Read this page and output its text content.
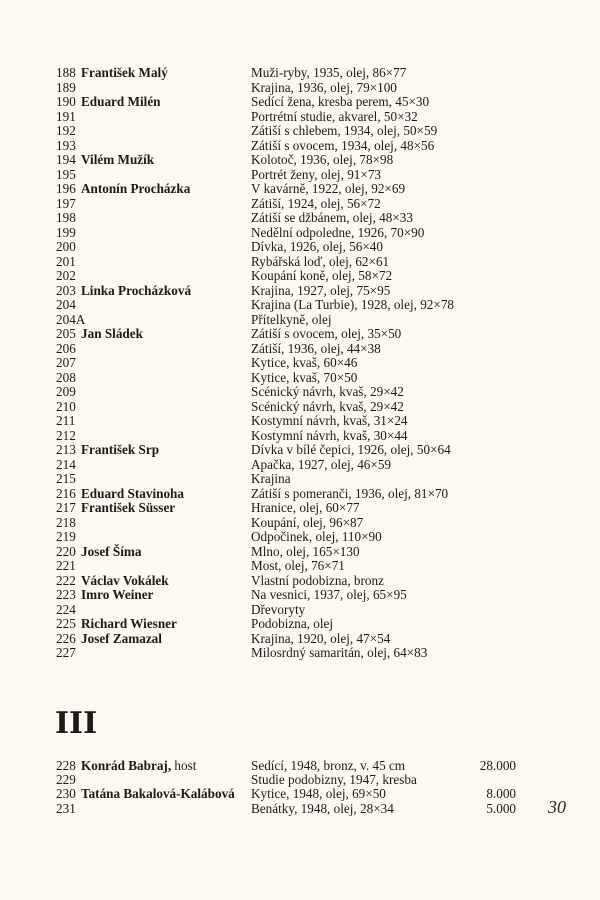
188 František Malý	Muži-ryby, 1935, olej, 86×77
189	Krajina, 1936, olej, 79×100
190 Eduard Milén	Sedící žena, kresba perem, 45×30
191	Portrétní studie, akvarel, 50×32
192	Zátiší s chlebem, 1934, olej, 50×59
193	Zátiší s ovocem, 1934, olej, 48×56
194 Vilém Mužík	Kolotoč, 1936, olej, 78×98
195	Portrét ženy, olej, 91×73
196 Antonín Procházka	V kavárně, 1922, olej, 92×69
197	Zátiší, 1924, olej, 56×72
198	Zátiší se džbánem, olej, 48×33
199	Nedělní odpoledne, 1926, 70×90
200	Dívka, 1926, olej, 56×40
201	Rybářská loď, olej, 62×61
202	Koupání koně, olej, 58×72
203 Linka Procházková	Krajina, 1927, olej, 75×95
204	Krajina (La Turbie), 1928, olej, 92×78
204A	Přítelkyně, olej
205 Jan Sládek	Zátiší s ovocem, olej, 35×50
206	Zátiší, 1936, olej, 44×38
207	Kytice, kvaš, 60×46
208	Kytice, kvaš, 70×50
209	Scénický návrh, kvaš, 29×42
210	Scénický návrh, kvaš, 29×42
211	Kostymní návrh, kvaš, 31×24
212	Kostymní návrh, kvaš, 30×44
213 František Srp	Dívka v bílé čepici, 1926, olej, 50×64
214	Apačka, 1927, olej, 46×59
215	Krajina
216 Eduard Stavinoha	Zátiší s pomeranči, 1936, olej, 81×70
217 František Süsser	Hranice, olej, 60×77
218	Koupání, olej, 96×87
219	Odpočinek, olej, 110×90
220 Josef Šíma	Mlno, olej, 165×130
221	Most, olej, 76×71
222 Václav Vokálek	Vlastní podobizna, bronz
223 Imro Weiner	Na vesnici, 1937, olej, 65×95
224	Dřevoryty
225 Richard Wiesner	Podobizna, olej
226 Josef Zamazal	Krajina, 1920, olej, 47×54
227	Milosrdný samaritán, olej, 64×83
III
228 Konrád Babraj, host	Sedící, 1948, bronz, v. 45 cm	28.000
229	Studie podobizny, 1947, kresba
230 Tatána Bakalová-Kalábová	Kytice, 1948, olej, 69×50	8.000
231	Benátky, 1948, olej, 28×34	5.000 30
